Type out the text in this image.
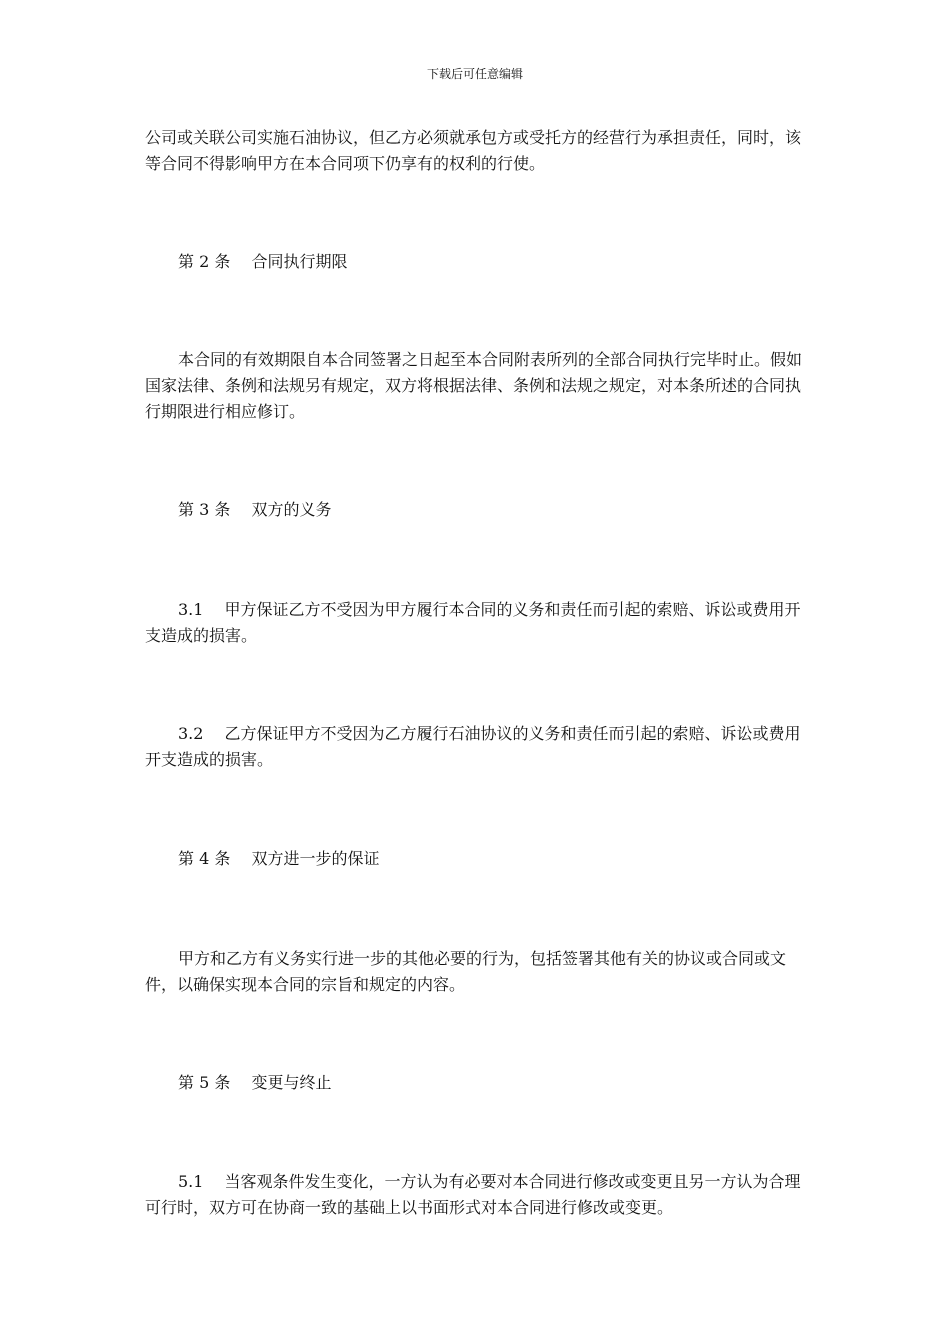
下载后可任意编辑

公司或关联公司实施石油协议，但乙方必须就承包方或受托方的经营行为承担责任，同时，该等合同不得影响甲方在本合同项下仍享有的权利的行使。

第 2 条　 合同执行期限

本合同的有效期限自本合同签署之日起至本合同附表所列的全部合同执行完毕时止。假如国家法律、条例和法规另有规定，双方将根据法律、条例和法规之规定，对本条所述的合同执行期限进行相应修订。

第 3 条　 双方的义务

3.1　 甲方保证乙方不受因为甲方履行本合同的义务和责任而引起的索赔、诉讼或费用开支造成的损害。

3.2　 乙方保证甲方不受因为乙方履行石油协议的义务和责任而引起的索赔、诉讼或费用开支造成的损害。

第 4 条　 双方进一步的保证

甲方和乙方有义务实行进一步的其他必要的行为，包括签署其他有关的协议或合同或文件，以确保实现本合同的宗旨和规定的内容。

第 5 条　 变更与终止

5.1　 当客观条件发生变化，一方认为有必要对本合同进行修改或变更且另一方认为合理可行时，双方可在协商一致的基础上以书面形式对本合同进行修改或变更。
